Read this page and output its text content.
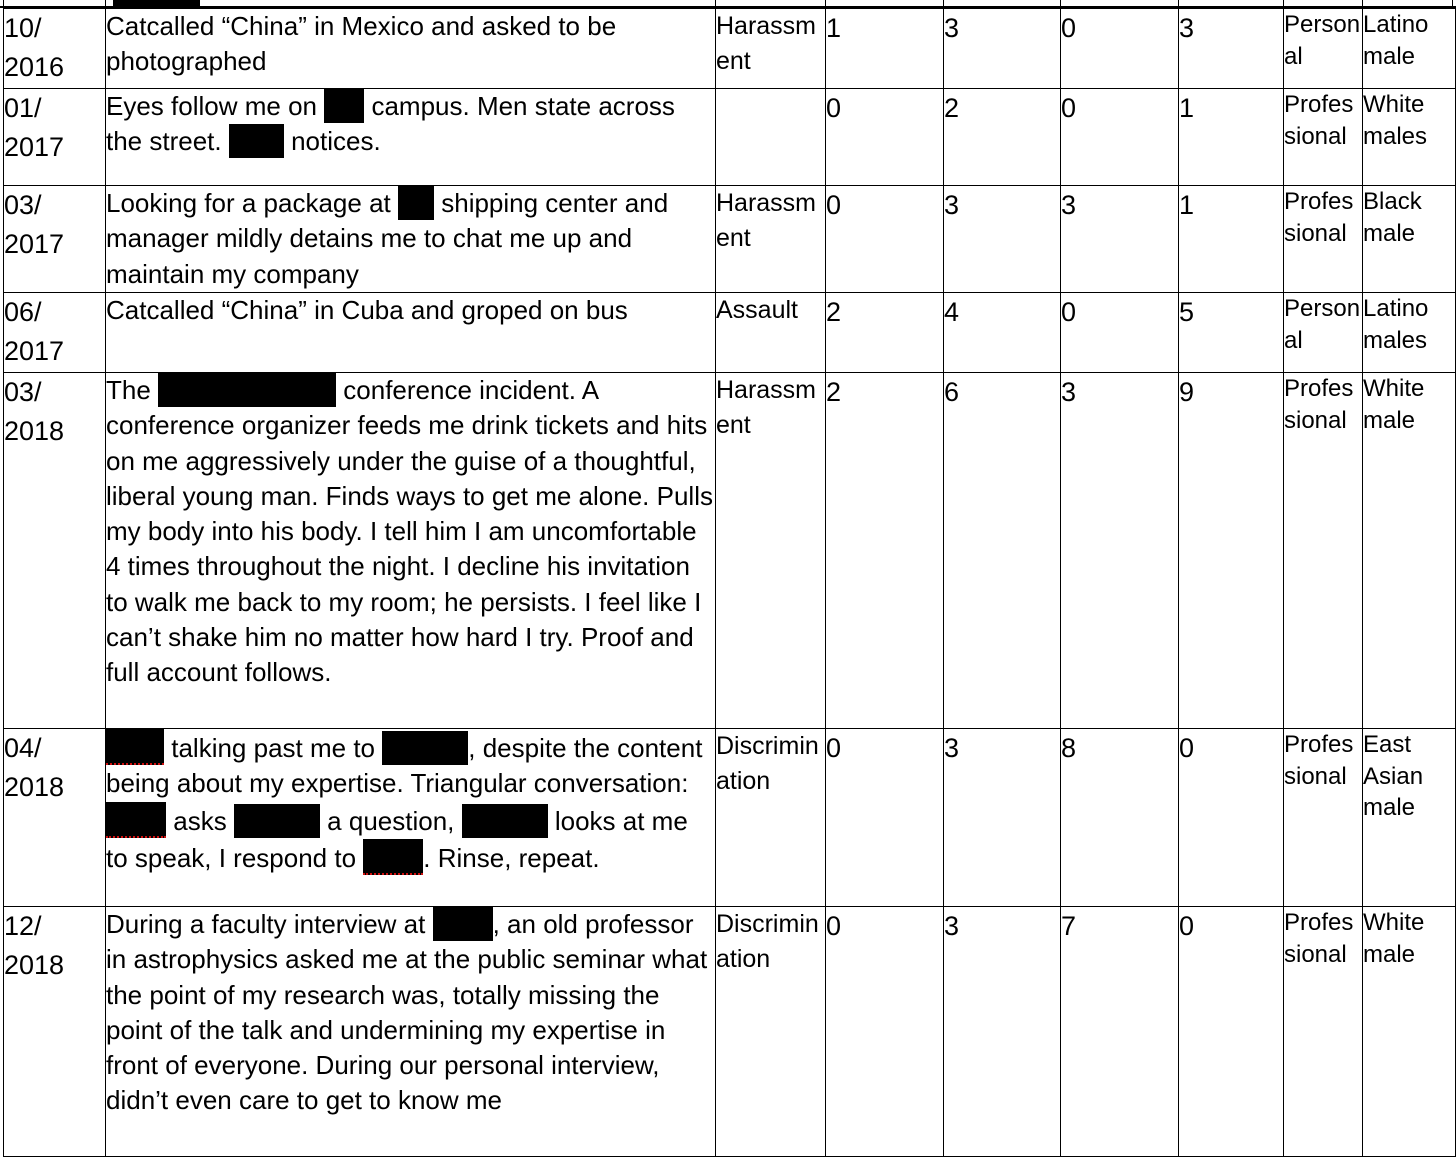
10/ 2016	Catcalled “China” in Mexico and asked to be photographed	Harassment	1	3	0	3	Personal	Latino male
01/ 2017	Eyes follow me on campus. Men state across the street. notices.		0	2	0	1	Professional	White males
03/ 2017	Looking for a package at shipping center and manager mildly detains me to chat me up and maintain my company	Harassment	0	3	3	1	Professional	Black male
06/ 2017	Catcalled “China” in Cuba and groped on bus	Assault	2	4	0	5	Personal	Latino males
03/ 2018	The conference incident. A conference organizer feeds me drink tickets and hits on me aggressively under the guise of a thoughtful, liberal young man. Finds ways to get me alone. Pulls my body into his body. I tell him I am uncomfortable 4 times throughout the night. I decline his invitation to walk me back to my room; he persists. I feel like I can’t shake him no matter how hard I try. Proof and full account follows.	Harassment	2	6	3	9	Professional	White male
04/ 2018	talking past me to , despite the content being about my expertise. Triangular conversation:  asks a question, looks at me to speak, I respond to . Rinse, repeat.	Discrimination	0	3	8	0	Professional	East Asian male
12/ 2018	During a faculty interview at , an old professor in astrophysics asked me at the public seminar what the point of my research was, totally missing the point of the talk and undermining my expertise in front of everyone. During our personal interview, didn’t even care to get to know me	Discrimination	0	3	7	0	Professional	White male
